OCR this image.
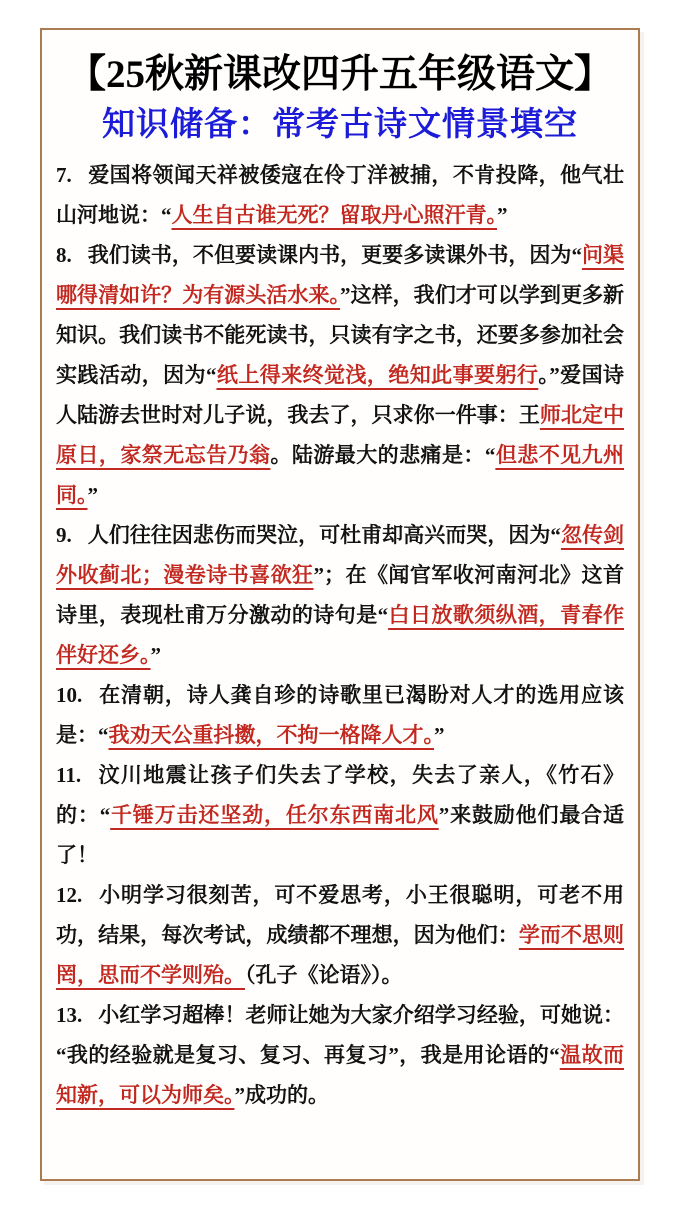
【25秋新课改四升五年级语文】
知识储备：常考古诗文情景填空

7. 爱国将领闻天祥被倭寇在伶丁洋被捕，不肯投降，他气壮山河地说：“人生自古谁无死？留取丹心照汗青。”

8. 我们读书，不但要读课内书，更要多读课外书，因为“问渠哪得清如许？为有源头活水来。”这样，我们才可以学到更多新知识。我们读书不能死读书，只读有字之书，还要多参加社会实践活动，因为“纸上得来终觉浅，绝知此事要躬行。”爱国诗人陆游去世时对儿子说，我去了，只求你一件事：王师北定中原日，家祭无忘告乃翁。陆游最大的悲痛是：“但悲不见九州同。”

9. 人们往往因悲伤而哭泣，可杜甫却高兴而哭，因为“忽传剑外收蓟北；漫卷诗书喜欲狂”；在《闻官军收河南河北》这首诗里，表现杜甫万分激动的诗句是“白日放歌须纵酒，青春作伴好还乡。”

10. 在清朝，诗人龚自珍的诗歌里已渴盼对人才的选用应该是：“我劝天公重抖擞，不拘一格降人才。”

11. 汶川地震让孩子们失去了学校，失去了亲人，《竹石》的：“千锤万击还坚劲，任尔东西南北风”来鼓励他们最合适了！

12. 小明学习很刻苦，可不爱思考，小王很聪明，可老不用功，结果，每次考试，成绩都不理想，因为他们：学而不思则罔，思而不学则殆。（孔子《论语》）。

13. 小红学习超棒！老师让她为大家介绍学习经验，可她说：“我的经验就是复习、复习、再复习”，我是用论语的“温故而知新，可以为师矣。”成功的。
